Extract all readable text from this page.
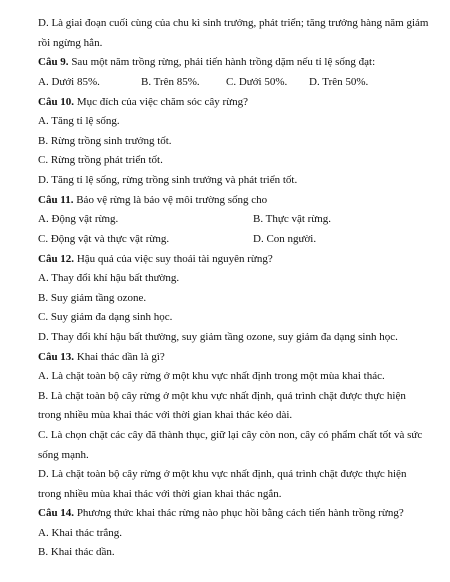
D. Là giai đoạn cuối cùng của chu kì sinh trưởng, phát triển; tăng trưởng hàng năm giảm
rồi ngừng hẳn.
Câu 9. Sau một năm trồng rừng, phải tiến hành trồng dặm nếu tỉ lệ sống đạt:
A. Dưới 85%.	B. Trên 85%. C. Dưới 50%. D. Trên 50%.
Câu 10. Mục đích của việc chăm sóc cây rừng?
A. Tăng tỉ lệ sống.
B. Rừng trồng sinh trưởng tốt.
C. Rừng trồng phát triển tốt.
D. Tăng tỉ lệ sống, rừng trồng sinh trưởng và phát triển tốt.
Câu 11. Bảo vệ rừng là bảo vệ môi trường sống cho
A. Động vật rừng.	B. Thực vật rừng.
C. Động vật và thực vật rừng.	D. Con người.
Câu 12. Hậu quả của việc suy thoái tài nguyên rừng?
A. Thay đổi khí hậu bất thường.
B. Suy giảm tầng ozone.
C. Suy giảm đa dạng sinh học.
D. Thay đổi khí hậu bất thường, suy giảm tầng ozone, suy giảm đa dạng sinh học.
Câu 13. Khai thác dần là gì?
A. Là chặt toàn bộ cây rừng ở một khu vực nhất định trong một mùa khai thác.
B. Là chặt toàn bộ cây rừng ở một khu vực nhất định, quá trình chặt được thực hiện
trong nhiều mùa khai thác với thời gian khai thác kéo dài.
C. Là chọn chặt các cây đã thành thục, giữ lại cây còn non, cây có phẩm chất tốt và sức
sống mạnh.
D. Là chặt toàn bộ cây rừng ở một khu vực nhất định, quá trình chặt được thực hiện
trong nhiều mùa khai thác với thời gian khai thác ngắn.
Câu 14. Phương thức khai thác rừng nào phục hồi bằng cách tiến hành trồng rừng?
A. Khai thác trắng.
B. Khai thác dần.
